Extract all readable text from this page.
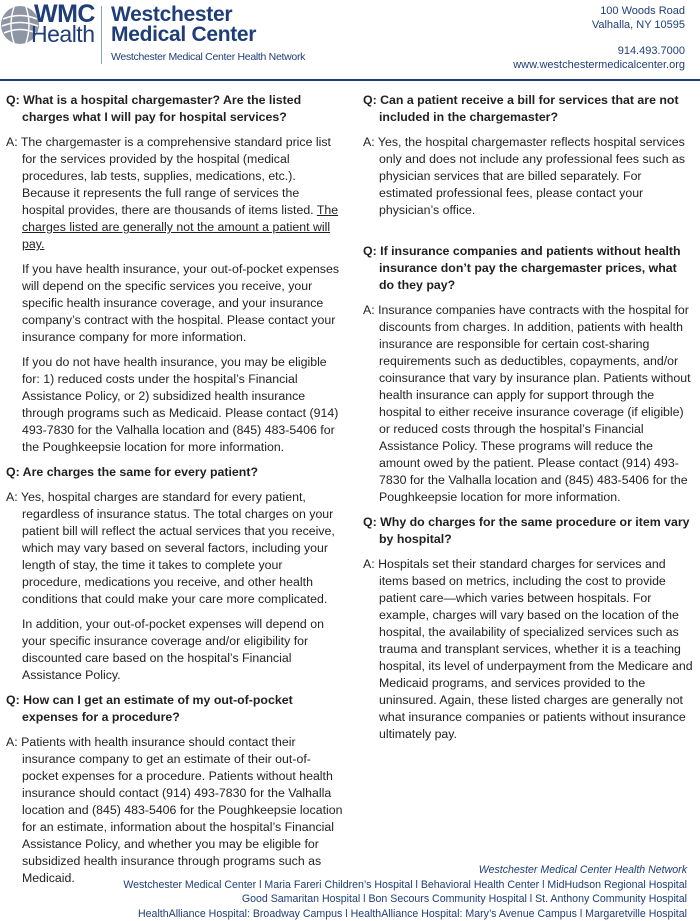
WMC
Health
Westchester
Medical Center
Westchester Medical Center Health Network
100 Woods Road
Valhalla, NY 10595
914.493.7000
www.westchestermedicalcenter.org
Q: What is a hospital chargemaster? Are the listed charges what I will pay for hospital services?
A: The chargemaster is a comprehensive standard price list for the services provided by the hospital (medical procedures, lab tests, supplies, medications, etc.). Because it represents the full range of services the hospital provides, there are thousands of items listed. The charges listed are generally not the amount a patient will pay.
If you have health insurance, your out-of-pocket expenses will depend on the specific services you receive, your specific health insurance coverage, and your insurance company’s contract with the hospital. Please contact your insurance company for more information.
If you do not have health insurance, you may be eligible for: 1) reduced costs under the hospital’s Financial Assistance Policy, or 2) subsidized health insurance through programs such as Medicaid. Please contact (914) 493-7830 for the Valhalla location and (845) 483-5406 for the Poughkeepsie location for more information.
Q: Are charges the same for every patient?
A: Yes, hospital charges are standard for every patient, regardless of insurance status. The total charges on your patient bill will reflect the actual services that you receive, which may vary based on several factors, including your length of stay, the time it takes to complete your procedure, medications you receive, and other health conditions that could make your care more complicated.
In addition, your out-of-pocket expenses will depend on your specific insurance coverage and/or eligibility for discounted care based on the hospital’s Financial Assistance Policy.
Q: How can I get an estimate of my out-of-pocket expenses for a procedure?
A: Patients with health insurance should contact their insurance company to get an estimate of their out-of-pocket expenses for a procedure. Patients without health insurance should contact (914) 493-7830 for the Valhalla location and (845) 483-5406 for the Poughkeepsie location for an estimate, information about the hospital’s Financial Assistance Policy, and whether you may be eligible for subsidized health insurance through programs such as Medicaid.
Q: Can a patient receive a bill for services that are not included in the chargemaster?
A: Yes, the hospital chargemaster reflects hospital services only and does not include any professional fees such as physician services that are billed separately. For estimated professional fees, please contact your physician’s office.
Q: If insurance companies and patients without health insurance don’t pay the chargemaster prices, what do they pay?
A: Insurance companies have contracts with the hospital for discounts from charges. In addition, patients with health insurance are responsible for certain cost-sharing requirements such as deductibles, copayments, and/or coinsurance that vary by insurance plan. Patients without health insurance can apply for support through the hospital to either receive insurance coverage (if eligible) or reduced costs through the hospital’s Financial Assistance Policy. These programs will reduce the amount owed by the patient. Please contact (914) 493-7830 for the Valhalla location and (845) 483-5406 for the Poughkeepsie location for more information.
Q: Why do charges for the same procedure or item vary by hospital?
A: Hospitals set their standard charges for services and items based on metrics, including the cost to provide patient care—which varies between hospitals. For example, charges will vary based on the location of the hospital, the availability of specialized services such as trauma and transplant services, whether it is a teaching hospital, its level of underpayment from the Medicare and Medicaid programs, and services provided to the uninsured. Again, these listed charges are generally not what insurance companies or patients without insurance ultimately pay.
Westchester Medical Center Health Network
Westchester Medical Center l Maria Fareri Children’s Hospital l Behavioral Health Center l MidHudson Regional Hospital
Good Samaritan Hospital l Bon Secours Community Hospital l St. Anthony Community Hospital
HealthAlliance Hospital: Broadway Campus l HealthAlliance Hospital: Mary’s Avenue Campus l Margaretville Hospital
